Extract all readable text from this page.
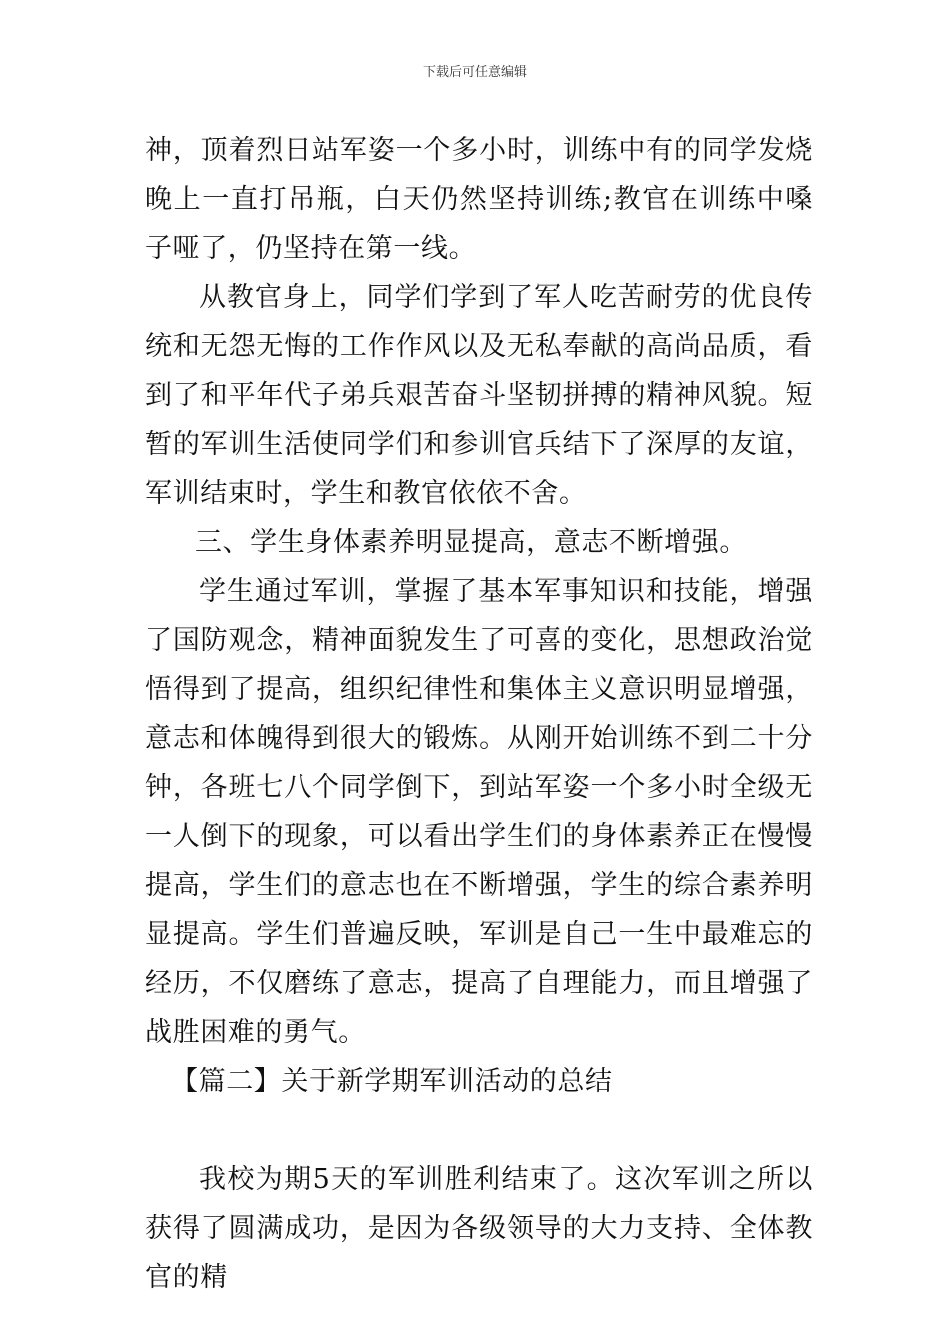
下载后可任意编辑

神，顶着烈日站军姿一个多小时，训练中有的同学发烧晚上一直打吊瓶，白天仍然坚持训练;教官在训练中嗓子哑了，仍坚持在第一线。

从教官身上，同学们学到了军人吃苦耐劳的优良传统和无怨无悔的工作作风以及无私奉献的高尚品质，看到了和平年代子弟兵艰苦奋斗坚韧拼搏的精神风貌。短暂的军训生活使同学们和参训官兵结下了深厚的友谊，军训结束时，学生和教官依依不舍。

三、学生身体素养明显提高，意志不断增强。

学生通过军训，掌握了基本军事知识和技能，增强了国防观念，精神面貌发生了可喜的变化，思想政治觉悟得到了提高，组织纪律性和集体主义意识明显增强，意志和体魄得到很大的锻炼。从刚开始训练不到二十分钟，各班七八个同学倒下，到站军姿一个多小时全级无一人倒下的现象，可以看出学生们的身体素养正在慢慢提高，学生们的意志也在不断增强，学生的综合素养明显提高。学生们普遍反映，军训是自己一生中最难忘的经历，不仅磨练了意志，提高了自理能力，而且增强了战胜困难的勇气。

【篇二】关于新学期军训活动的总结

我校为期5天的军训胜利结束了。这次军训之所以获得了圆满成功，是因为各级领导的大力支持、全体教官的精
